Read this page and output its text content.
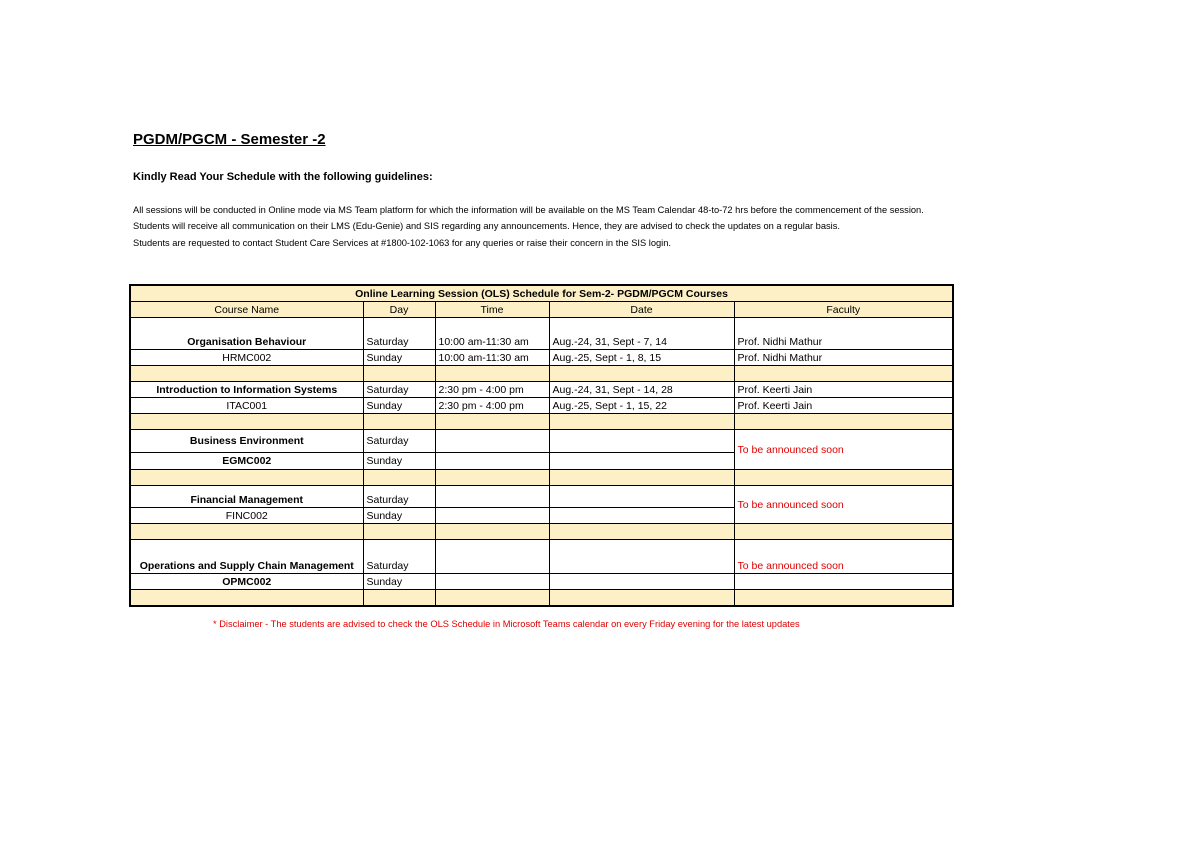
PGDM/PGCM - Semester -2
Kindly Read Your Schedule with the following guidelines:
All sessions will be conducted in Online mode via MS Team platform for which the information will be available on the MS Team Calendar 48-to-72 hrs before the commencement of the session.
Students will receive all communication on their LMS (Edu-Genie) and SIS regarding any announcements. Hence, they are advised to check the updates on a regular basis.
Students are requested to contact Student Care Services at #1800-102-1063 for any queries or raise their concern in the SIS login.
Online Learning Session (OLS) Schedule for Sem-2- PGDM/PGCM Courses				
Course Name	Day	Time	Date	Faculty
Organisation Behaviour	Saturday	10:00 am-11:30 am	Aug.-24, 31, Sept - 7, 14	Prof. Nidhi Mathur
HRMC002	Sunday	10:00 am-11:30 am	Aug.-25, Sept - 1, 8, 15	Prof. Nidhi Mathur

Introduction to Information Systems	Saturday	2:30 pm - 4:00 pm	Aug.-24, 31, Sept - 14, 28	Prof. Keerti Jain
ITAC001	Sunday	2:30 pm - 4:00 pm	Aug.-25, Sept - 1, 15, 22	Prof. Keerti Jain

Business Environment	Saturday			To be announced soon
EGMC002	Sunday			

Financial Management	Saturday			To be announced soon
FINC002	Sunday			

Operations and Supply Chain Management	Saturday			To be announced soon
OPMC002	Sunday			

* Disclaimer - The students are advised to check the OLS Schedule in Microsoft Teams calendar on every Friday evening for the latest updates
